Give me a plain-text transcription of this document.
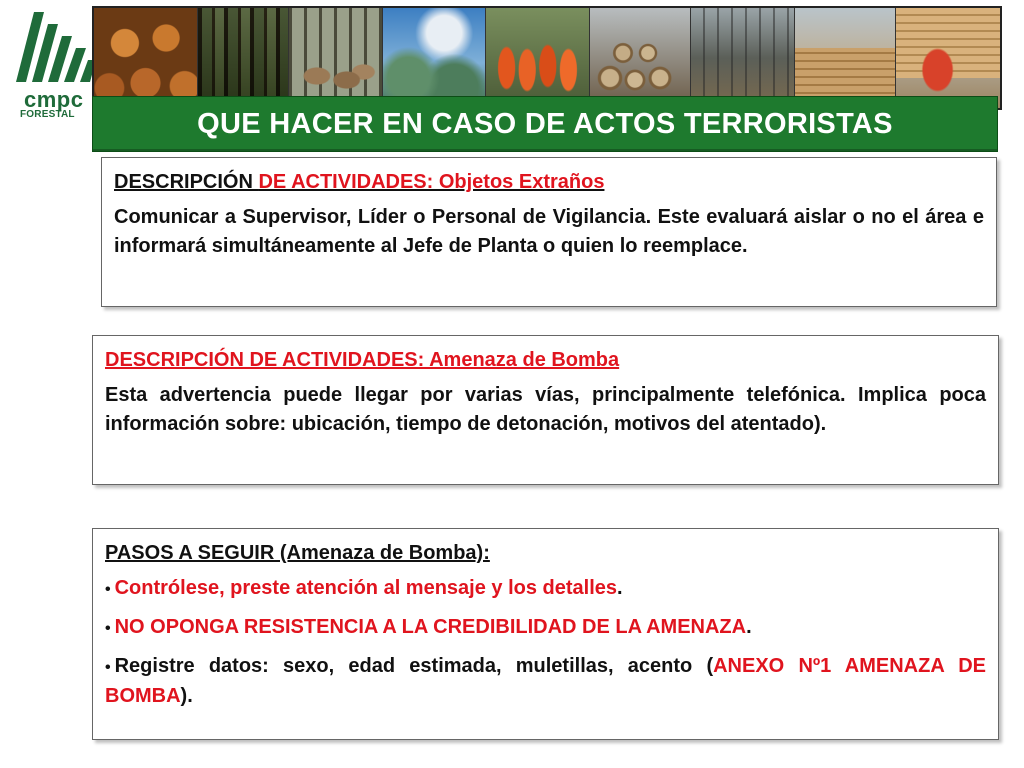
cmpc
FORESTAL	QUE HACER EN CASO DE ACTOS TERRORISTAS
DESCRIPCIÓN DE ACTIVIDADES: Objetos Extraños

Comunicar a Supervisor, Líder o Personal de Vigilancia. Este evaluará aislar o no el área e informará simultáneamente al Jefe de Planta o quien lo reemplace.

DESCRIPCIÓN DE ACTIVIDADES: Amenaza de Bomba

Esta advertencia puede llegar por varias vías, principalmente telefónica. Implica poca información sobre: ubicación, tiempo de detonación, motivos del atentado).

PASOS A SEGUIR (Amenaza de Bomba):
• Contrólese, preste atención al mensaje y los detalles.
• NO OPONGA RESISTENCIA A LA CREDIBILIDAD DE LA AMENAZA.
• Registre datos: sexo, edad estimada, muletillas, acento (ANEXO Nº1 AMENAZA DE BOMBA).
